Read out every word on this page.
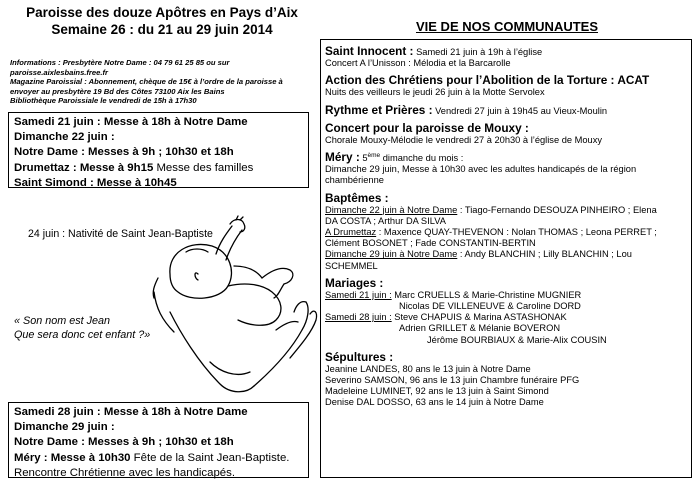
Paroisse des douze Apôtres en Pays d’Aix
Semaine 26 : du 21 au 29 juin 2014
Informations : Presbytère Notre Dame : 04 79 61 25 85 ou sur
paroisse.aixlesbains.free.fr
Magazine Paroissial : Abonnement, chèque de 15€ à l’ordre de la paroisse à
envoyer au presbytère 19 Bd des Côtes 73100 Aix les Bains
Bibliothèque Paroissiale le vendredi de 15h à 17h30
Samedi 21 juin : Messe à 18h à Notre Dame
Dimanche 22 juin :
Notre Dame : Messes à 9h ; 10h30 et 18h
Drumettaz : Messe à 9h15 Messe des familles
Saint Simond : Messe à 10h45
24 juin : Nativité de Saint Jean-Baptiste
« Son nom est Jean
Que sera donc cet enfant ?»
Samedi 28 juin : Messe à 18h à Notre Dame
Dimanche 29 juin :
Notre Dame : Messes à 9h ; 10h30 et 18h
Méry : Messe à 10h30 Fête de la Saint Jean-Baptiste.
Rencontre Chrétienne avec les handicapés.
VIE DE NOS COMMUNAUTES
Saint Innocent : Samedi 21 juin à 19h à l’église
Concert A l’Unisson : Mélodia et la Barcarolle
Action des Chrétiens pour l’Abolition de la Torture : ACAT
Nuits des veilleurs le jeudi 26 juin à la Motte Servolex
Rythme et Prières : Vendredi 27 juin à 19h45 au Vieux-Moulin
Concert pour la paroisse de Mouxy :
Chorale Mouxy-Mélodie le vendredi 27 à 20h30 à l’église de Mouxy
Méry : 5ème dimanche du mois :
Dimanche 29 juin, Messe à 10h30 avec les adultes handicapés de la région
chambérienne
Baptêmes :
Dimanche 22 juin à Notre Dame : Tiago-Fernando DESOUZA PINHEIRO ; Elena
DA COSTA ; Arthur DA SILVA
A Drumettaz : Maxence QUAY-THEVENON : Nolan THOMAS ; Leona PERRET ;
Clément BOSONET ; Fade CONSTANTIN-BERTIN
Dimanche 29 juin à Notre Dame : Andy BLANCHIN ; Lilly BLANCHIN ; Lou
SCHEMMEL
Mariages :
Samedi 21 juin : Marc CRUELLS & Marie-Christine MUGNIER
Nicolas DE VILLENEUVE & Caroline DORD
Samedi 28 juin : Steve CHAPUIS & Marina ASTASHONAK
Adrien GRILLET & Mélanie BOVERON
Jérôme BOURBIAUX & Marie-Alix COUSIN
Sépultures :
Jeanine LANDES, 80 ans le 13 juin à Notre Dame
Severino SAMSON, 96 ans le 13 juin Chambre funéraire PFG
Madeleine LUMINET, 92 ans le 13 juin à Saint Simond
Denise DAL DOSSO, 63 ans le 14 juin à Notre Dame
